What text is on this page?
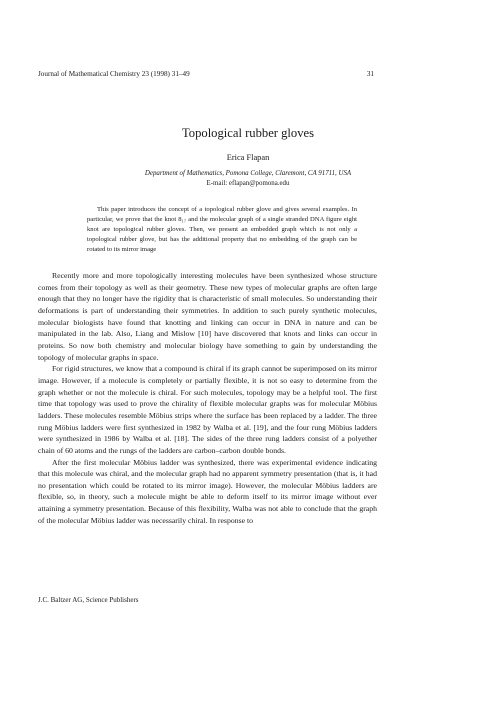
Journal of Mathematical Chemistry 23 (1998) 31–49	31
Topological rubber gloves
Erica Flapan
Department of Mathematics, Pomona College, Claremont, CA 91711, USA
E-mail: eflapan@pomona.edu

This paper introduces the concept of a topological rubber glove and gives several examples. In particular, we prove that the knot 8₁₇ and the molecular graph of a single stranded DNA figure eight knot are topological rubber gloves. Then, we present an embedded graph which is not only a topological rubber glove, but has the additional property that no embedding of the graph can be rotated to its mirror image

Recently more and more topologically interesting molecules have been synthesized whose structure comes from their topology as well as their geometry. These new types of molecular graphs are often large enough that they no longer have the rigidity that is characteristic of small molecules. So understanding their deformations is part of understanding their symmetries. In addition to such purely synthetic molecules, molecular biologists have found that knotting and linking can occur in DNA in nature and can be manipulated in the lab. Also, Liang and Mislow [10] have discovered that knots and links can occur in proteins. So now both chemistry and molecular biology have something to gain by understanding the topology of molecular graphs in space.

For rigid structures, we know that a compound is chiral if its graph cannot be superimposed on its mirror image. However, if a molecule is completely or partially flexible, it is not so easy to determine from the graph whether or not the molecule is chiral. For such molecules, topology may be a helpful tool. The first time that topology was used to prove the chirality of flexible molecular graphs was for molecular Möbius ladders. These molecules resemble Möbius strips where the surface has been replaced by a ladder. The three rung Möbius ladders were first synthesized in 1982 by Walba et al. [19], and the four rung Möbius ladders were synthesized in 1986 by Walba et al. [18]. The sides of the three rung ladders consist of a polyether chain of 60 atoms and the rungs of the ladders are carbon–carbon double bonds.

After the first molecular Möbius ladder was synthesized, there was experimental evidence indicating that this molecule was chiral, and the molecular graph had no apparent symmetry presentation (that is, it had no presentation which could be rotated to its mirror image). However, the molecular Möbius ladders are flexible, so, in theory, such a molecule might be able to deform itself to its mirror image without ever attaining a symmetry presentation. Because of this flexibility, Walba was not able to conclude that the graph of the molecular Möbius ladder was necessarily chiral. In response to

J.C. Baltzer AG, Science Publishers
